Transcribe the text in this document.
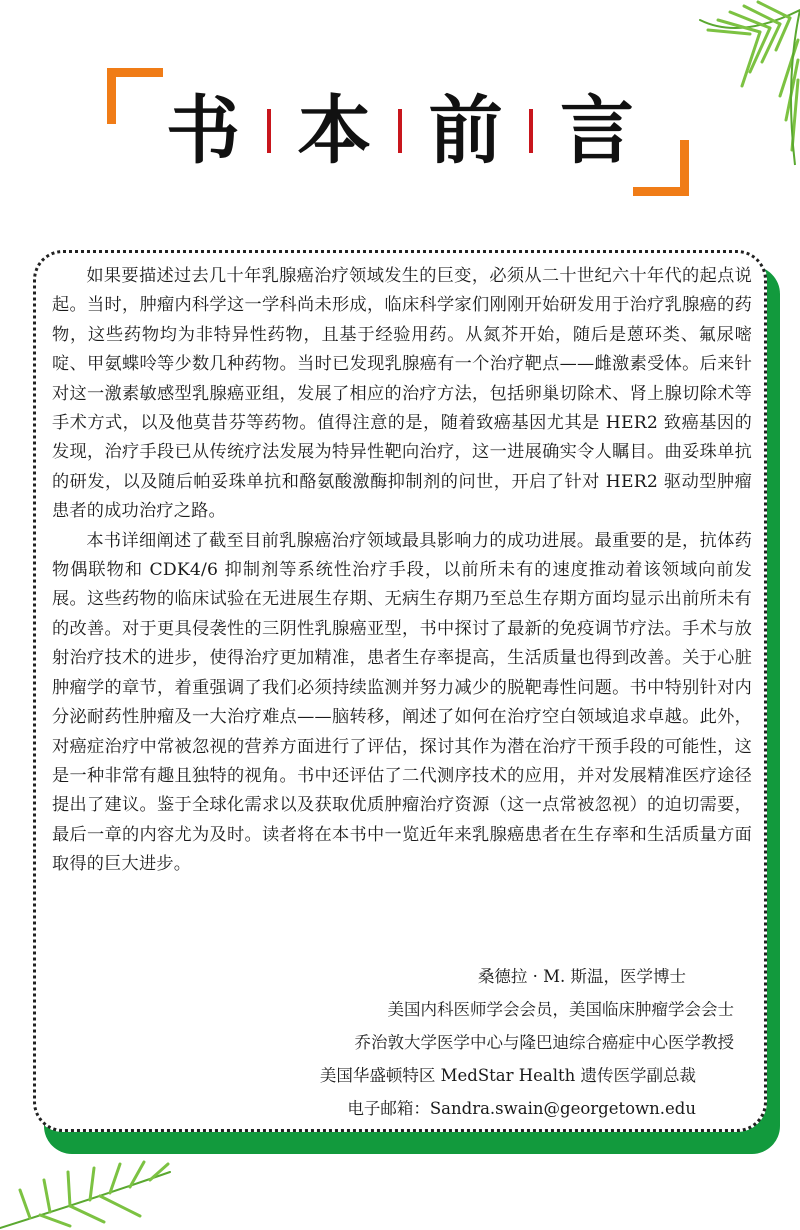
书 本 前 言

如果要描述过去几十年乳腺癌治疗领域发生的巨变，必须从二十世纪六十年代的起点说起。当时，肿瘤内科学这一学科尚未形成，临床科学家们刚刚开始研发用于治疗乳腺癌的药物，这些药物均为非特异性药物，且基于经验用药。从氮芥开始，随后是蒽环类、氟尿嘧啶、甲氨蝶呤等少数几种药物。当时已发现乳腺癌有一个治疗靶点——雌激素受体。后来针对这一激素敏感型乳腺癌亚组，发展了相应的治疗方法，包括卵巢切除术、肾上腺切除术等手术方式，以及他莫昔芬等药物。值得注意的是，随着致癌基因尤其是 HER2 致癌基因的发现，治疗手段已从传统疗法发展为特异性靶向治疗，这一进展确实令人瞩目。曲妥珠单抗的研发，以及随后帕妥珠单抗和酪氨酸激酶抑制剂的问世，开启了针对 HER2 驱动型肿瘤患者的成功治疗之路。

本书详细阐述了截至目前乳腺癌治疗领域最具影响力的成功进展。最重要的是，抗体药物偶联物和 CDK4/6 抑制剂等系统性治疗手段，以前所未有的速度推动着该领域向前发展。这些药物的临床试验在无进展生存期、无病生存期乃至总生存期方面均显示出前所未有的改善。对于更具侵袭性的三阴性乳腺癌亚型，书中探讨了最新的免疫调节疗法。手术与放射治疗技术的进步，使得治疗更加精准，患者生存率提高，生活质量也得到改善。关于心脏肿瘤学的章节，着重强调了我们必须持续监测并努力减少的脱靶毒性问题。书中特别针对内分泌耐药性肿瘤及一大治疗难点——脑转移，阐述了如何在治疗空白领域追求卓越。此外，对癌症治疗中常被忽视的营养方面进行了评估，探讨其作为潜在治疗干预手段的可能性，这是一种非常有趣且独特的视角。书中还评估了二代测序技术的应用，并对发展精准医疗途径提出了建议。鉴于全球化需求以及获取优质肿瘤治疗资源（这一点常被忽视）的迫切需要，最后一章的内容尤为及时。读者将在本书中一览近年来乳腺癌患者在生存率和生活质量方面取得的巨大进步。

桑德拉 · M. 斯温，医学博士
美国内科医师学会会员，美国临床肿瘤学会会士
乔治敦大学医学中心与隆巴迪综合癌症中心医学教授
美国华盛顿特区 MedStar Health 遗传医学副总裁
电子邮箱：Sandra.swain@georgetown.edu
